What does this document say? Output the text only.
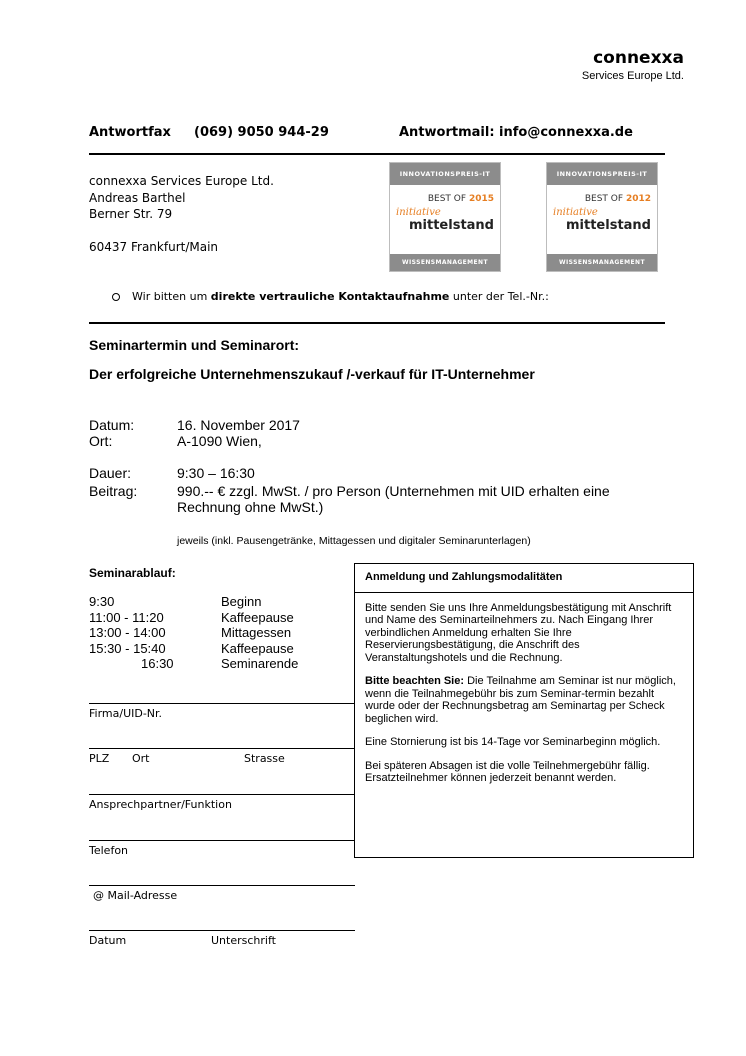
connexxa
Services Europe Ltd.
Antwortfax (069) 9050 944-29	Antwortmail: info@connexxa.de
connexxa Services Europe Ltd.
Andreas Barthel
Berner Str. 79
60437 Frankfurt/Main
INNOVATIONSPREIS-IT
BEST OF 2015
initiative
mittelstand
WISSENSMANAGEMENT
INNOVATIONSPREIS-IT
BEST OF 2012
initiative
mittelstand
WISSENSMANAGEMENT
Wir bitten um direkte vertrauliche Kontaktaufnahme unter der Tel.-Nr.:
Seminartermin und Seminarort:
Der erfolgreiche Unternehmenszukauf /-verkauf für IT-Unternehmer
Datum:	16. November 2017
Ort:	A-1090 Wien,
Dauer:	9:30 – 16:30
Beitrag:	990.-- € zzgl. MwSt. / pro Person (Unternehmen mit UID erhalten eine
Rechnung ohne MwSt.)
jeweils (inkl. Pausengetränke, Mittagessen und digitaler Seminarunterlagen)
Seminarablauf:
9:30	Beginn
11:00 - 11:20	Kaffeepause
13:00 - 14:00	Mittagessen
15:30 - 15:40	Kaffeepause
16:30	Seminarende
Firma/UID-Nr.
PLZ Ort	Strasse
Ansprechpartner/Funktion
Telefon
@ Mail-Adresse
Datum	Unterschrift
Anmeldung und Zahlungsmodalitäten

Bitte senden Sie uns Ihre Anmeldungsbestätigung mit Anschrift und Name des Seminarteilnehmers zu. Nach Eingang Ihrer verbindlichen Anmeldung erhalten Sie Ihre Reservierungsbestätigung, die Anschrift des Veranstaltungshotels und die Rechnung.

Bitte beachten Sie: Die Teilnahme am Seminar ist nur möglich, wenn die Teilnahmegebühr bis zum Seminar-termin bezahlt wurde oder der Rechnungsbetrag am Seminartag per Scheck beglichen wird.

Eine Stornierung ist bis 14-Tage vor Seminarbeginn möglich.

Bei späteren Absagen ist die volle Teilnehmergebühr fällig. Ersatzteilnehmer können jederzeit benannt werden.
